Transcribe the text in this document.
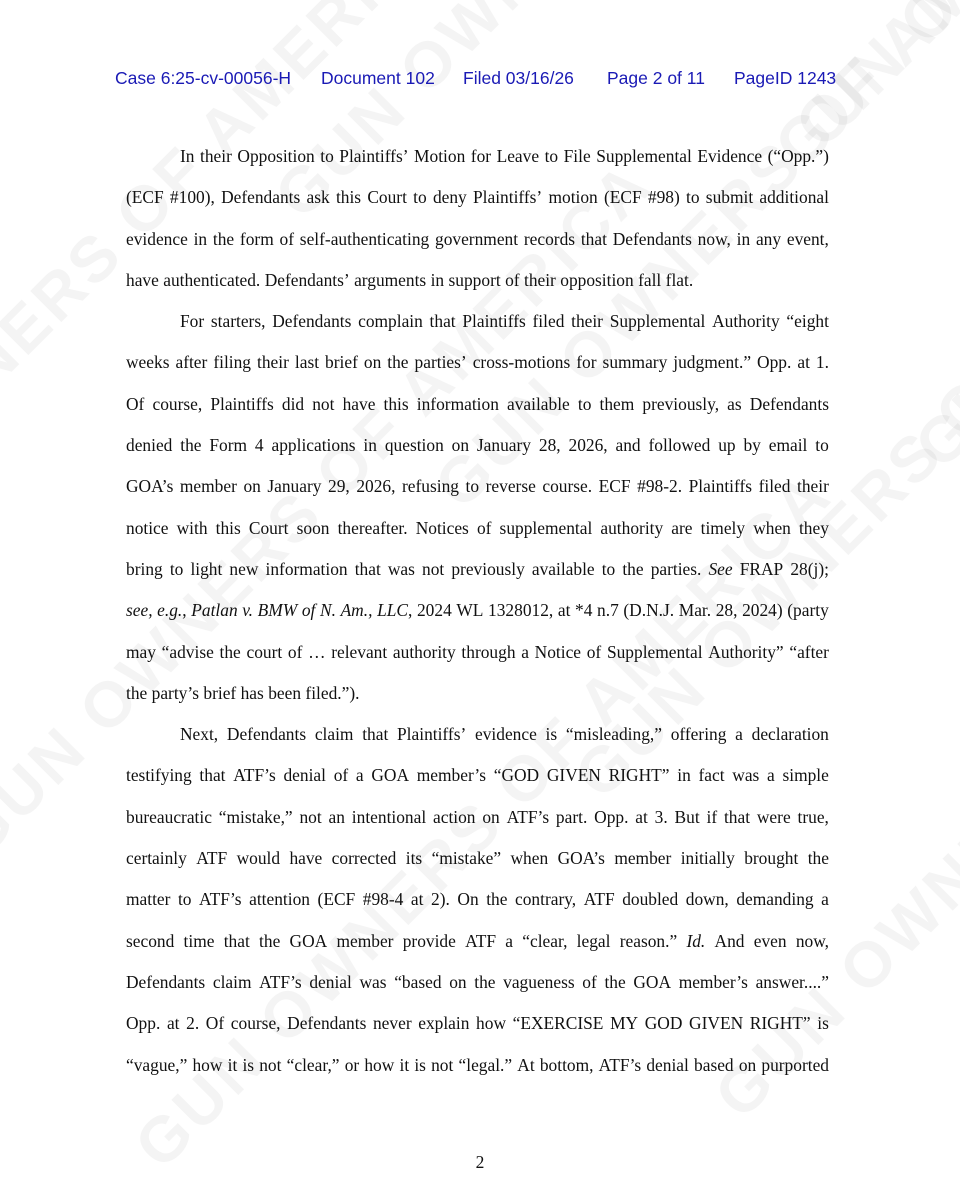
Case 6:25-cv-00056-H Document 102 Filed 03/16/26 Page 2 of 11 PageID 1243
In their Opposition to Plaintiffs’ Motion for Leave to File Supplemental Evidence (“Opp.”)
(ECF #100), Defendants ask this Court to deny Plaintiffs’ motion (ECF #98) to submit additional
evidence in the form of self-authenticating government records that Defendants now, in any event,
have authenticated. Defendants’ arguments in support of their opposition fall flat.
For starters, Defendants complain that Plaintiffs filed their Supplemental Authority “eight
weeks after filing their last brief on the parties’ cross-motions for summary judgment.” Opp. at 1.
Of course, Plaintiffs did not have this information available to them previously, as Defendants
denied the Form 4 applications in question on January 28, 2026, and followed up by email to
GOA’s member on January 29, 2026, refusing to reverse course. ECF #98-2. Plaintiffs filed their
notice with this Court soon thereafter. Notices of supplemental authority are timely when they
bring to light new information that was not previously available to the parties. See FRAP 28(j);
see, e.g., Patlan v. BMW of N. Am., LLC, 2024 WL 1328012, at *4 n.7 (D.N.J. Mar. 28, 2024) (party
may “advise the court of … relevant authority through a Notice of Supplemental Authority” “after
the party’s brief has been filed.”).
Next, Defendants claim that Plaintiffs’ evidence is “misleading,” offering a declaration
testifying that ATF’s denial of a GOA member’s “GOD GIVEN RIGHT” in fact was a simple
bureaucratic “mistake,” not an intentional action on ATF’s part. Opp. at 3. But if that were true,
certainly ATF would have corrected its “mistake” when GOA’s member initially brought the
matter to ATF’s attention (ECF #98-4 at 2). On the contrary, ATF doubled down, demanding a
second time that the GOA member provide ATF a “clear, legal reason.” Id. And even now,
Defendants claim ATF’s denial was “based on the vagueness of the GOA member’s answer....”
Opp. at 2. Of course, Defendants never explain how “EXERCISE MY GOD GIVEN RIGHT” is
“vague,” how it is not “clear,” or how it is not “legal.” At bottom, ATF’s denial based on purported
2
